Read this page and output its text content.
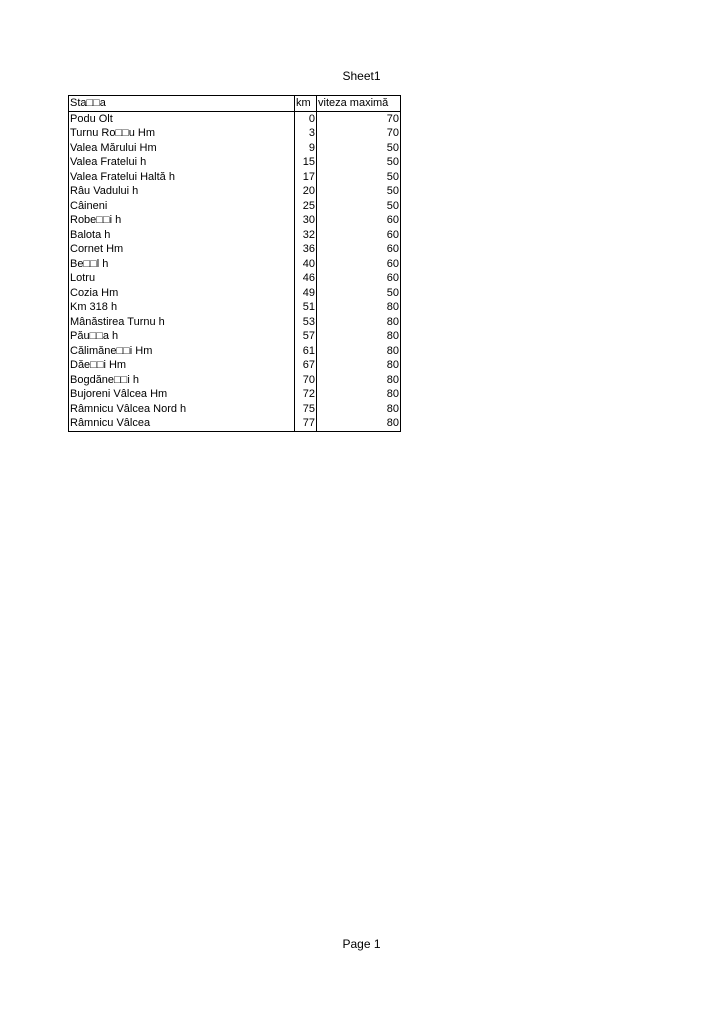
Sheet1
Sta□□a	km	viteza maximă
Podu Olt	0	70
Turnu Ro□□u Hm	3	70
Valea Mărului Hm	9	50
Valea Fratelui h	15	50
Valea Fratelui Haltă h	17	50
Râu Vadului h	20	50
Câineni	25	50
Robe□□i h	30	60
Balota h	32	60
Cornet Hm	36	60
Be□□l h	40	60
Lotru	46	60
Cozia Hm	49	50
Km 318 h	51	80
Mânăstirea Turnu h	53	80
Pău□□a h	57	80
Călimăne□□i Hm	61	80
Dăe□□i Hm	67	80
Bogdăne□□i h	70	80
Bujoreni Vâlcea Hm	72	80
Râmnicu Vâlcea Nord h	75	80
Râmnicu Vâlcea	77	80
Page 1
